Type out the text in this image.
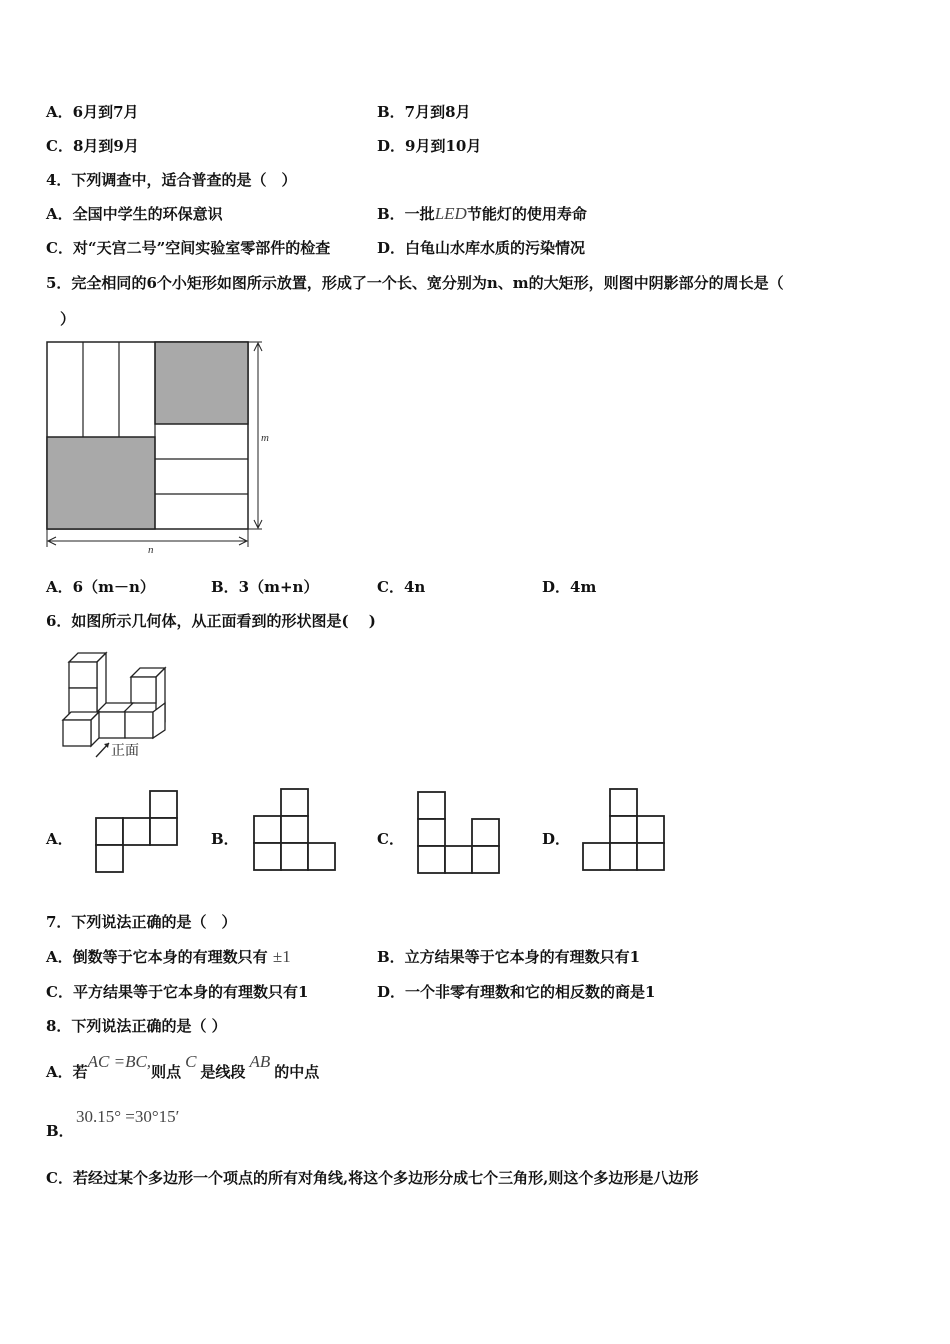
A．6月到7月	B．7月到8月
C．8月到9月	D．9月到10月
4．下列调查中，适合普查的是（　）
A．全国中学生的环保意识	B．一批LED节能灯的使用寿命
C．对“天宫二号”空间实验室零部件的检查	D．白龟山水库水质的污染情况
5．完全相同的6个小矩形如图所示放置，形成了一个长、宽分别为n、m的大矩形，则图中阴影部分的周长是（
）
m
n
A．6（m－n）	B．3（m+n）	C．4n	D．4m
6．如图所示几何体，从正面看到的形状图是(　 )
正面
A．	B．	C．	D．
7．下列说法正确的是（　）
A．倒数等于它本身的有理数只有 ±1	B．立方结果等于它本身的有理数只有1
C．平方结果等于它本身的有理数只有1	D．一个非零有理数和它的相反数的商是1
8．下列说法正确的是（ ）
A．若AC =BC,则点C是线段AB的中点
B．
30.15° =30°15′
C．若经过某个多边形一个项点的所有对角线,将这个多边形分成七个三角形,则这个多边形是八边形
